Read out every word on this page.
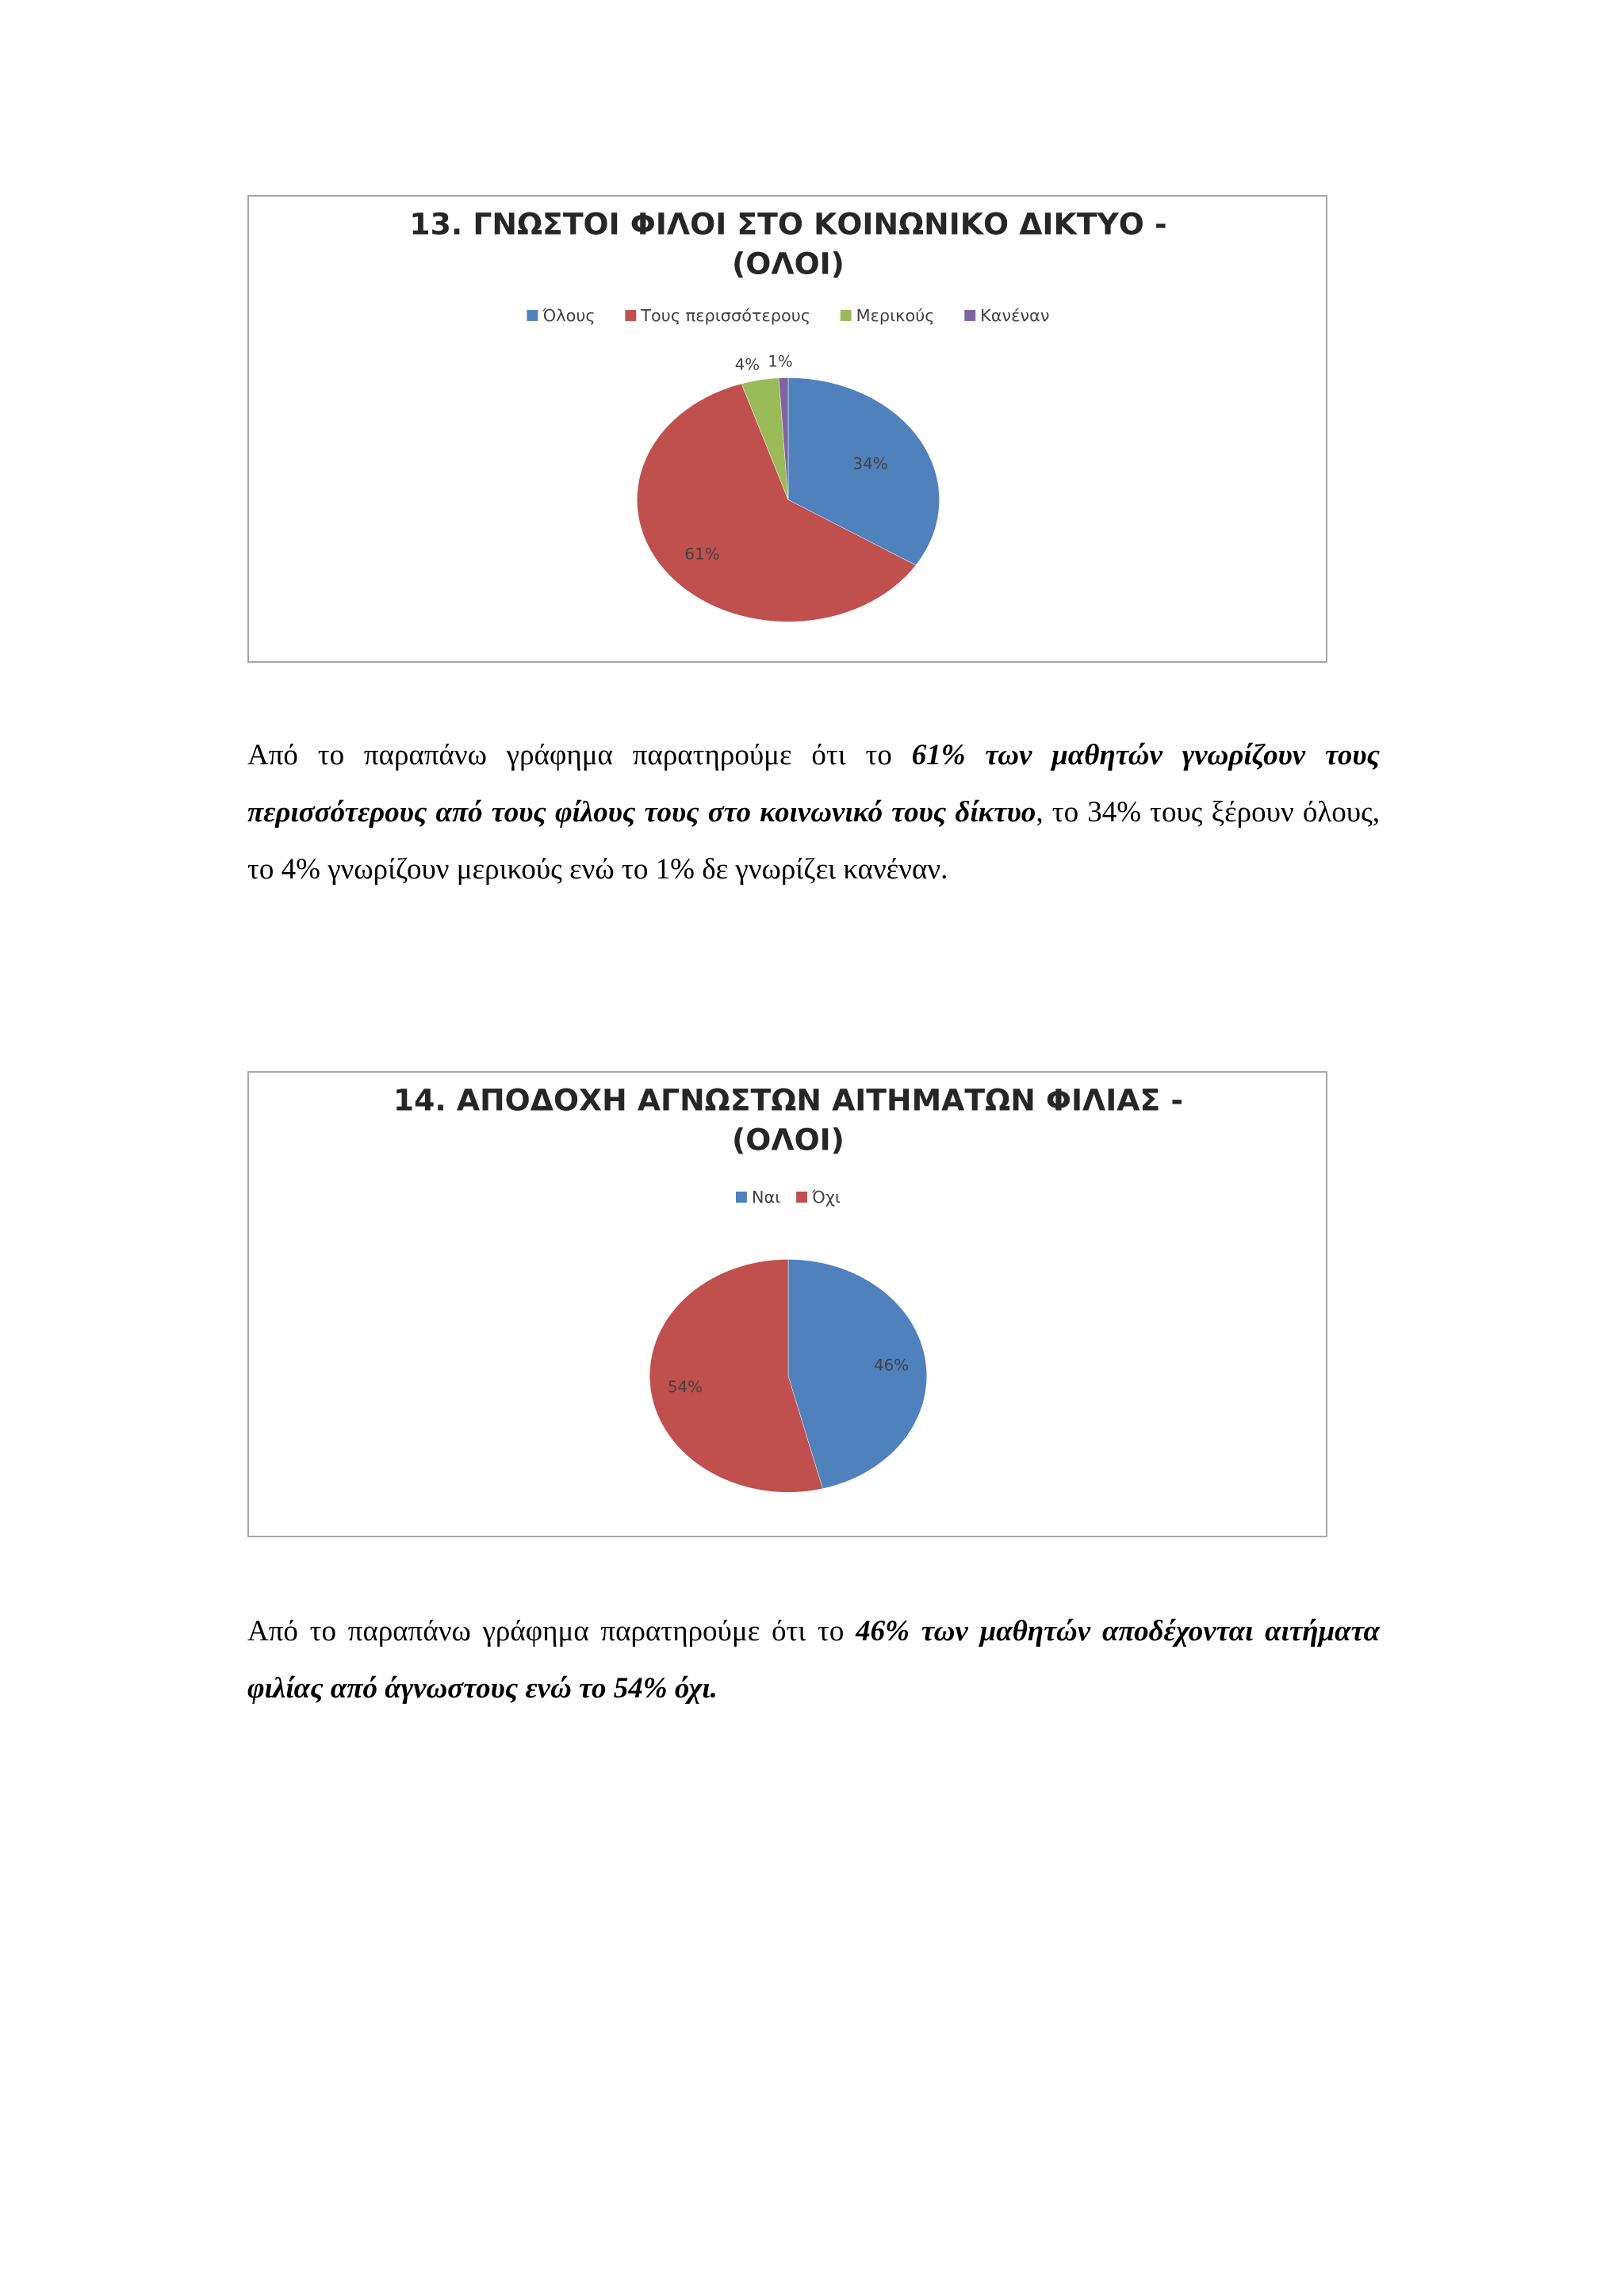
13. ΓΝΩΣΤΟΙ ΦΙΛΟΙ ΣΤΟ ΚΟΙΝΩΝΙΚΟ ΔΙΚΤΥΟ -
(ΟΛΟΙ)
Όλους	Τους περισσότερους	Μερικούς	Κανέναν
34%
61%
4% 1%

Από το παραπάνω γράφημα παρατηρούμε ότι το 61% των μαθητών γνωρίζουν τους περισσότερους από τους φίλους τους στο κοινωνικό τους δίκτυο, το 34% τους ξέρουν όλους, το 4% γνωρίζουν μερικούς ενώ το 1% δε γνωρίζει κανέναν.

14. ΑΠΟΔΟΧΗ ΑΓΝΩΣΤΩΝ ΑΙΤΗΜΑΤΩΝ ΦΙΛΙΑΣ -
(ΟΛΟΙ)
Ναι Όχι
46%
54%

Από το παραπάνω γράφημα παρατηρούμε ότι το 46% των μαθητών αποδέχονται αιτήματα φιλίας από άγνωστους ενώ το 54% όχι.
